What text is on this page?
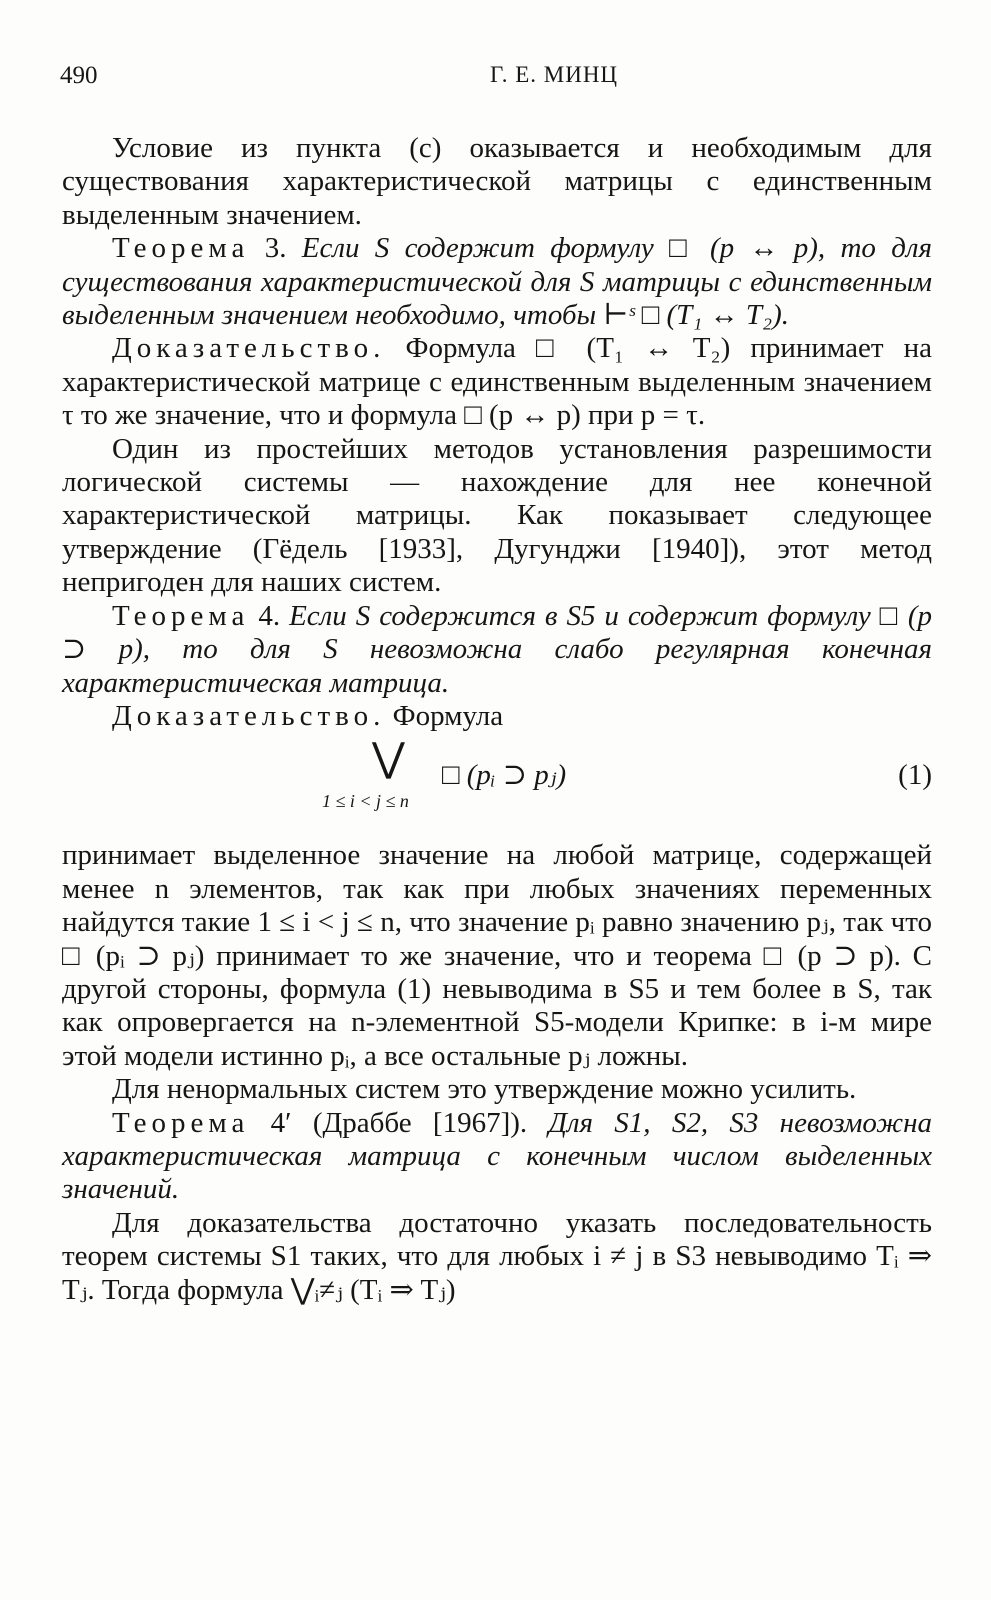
490	Г. Е. МИНЦ

Условие из пункта (с) оказывается и необходимым для существования характеристической матрицы с единственным выделенным значением.

Теорема 3. Если S содержит формулу □ (p ↔ p), то для существования характеристической для S матрицы с единственным выделенным значением необходимо, чтобы ⊢ˢ □ (T₁ ↔ T₂).

Доказательство. Формула □ (T₁ ↔ T₂) принимает на характеристической матрице с единственным выделенным значением τ то же значение, что и формула □ (p ↔ p) при p = τ.

Один из простейших методов установления разрешимости логической системы — нахождение для нее конечной характеристической матрицы. Как показывает следующее утверждение (Гёдель [1933], Дугунджи [1940]), этот метод непригоден для наших систем.

Теорема 4. Если S содержится в S5 и содержит формулу □ (p ⊃ p), то для S невозможна слабо регулярная конечная характеристическая матрица.

Доказательство. Формула

⋁
1 ≤ i < j ≤ n
□ (pᵢ ⊃ pⱼ)	(1)

принимает выделенное значение на любой матрице, содержащей менее n элементов, так как при любых значениях переменных найдутся такие 1 ≤ i < j ≤ n, что значение pᵢ равно значению pⱼ, так что □ (pᵢ ⊃ pⱼ) принимает то же значение, что и теорема □ (p ⊃ p). С другой стороны, формула (1) невыводима в S5 и тем более в S, так как опровергается на n-элементной S5-модели Крипке: в i-м мире этой модели истинно pᵢ, а все остальные pⱼ ложны.

Для ненормальных систем это утверждение можно усилить.

Теорема 4′ (Драббе [1967]). Для S1, S2, S3 невозможна характеристическая матрица с конечным числом выделенных значений.

Для доказательства достаточно указать последовательность теорем системы S1 таких, что для любых i ≠ j в S3 невыводимо Tᵢ ⇒ Tⱼ. Тогда формула ⋁ᵢ≠ⱼ (Tᵢ ⇒ Tⱼ)
